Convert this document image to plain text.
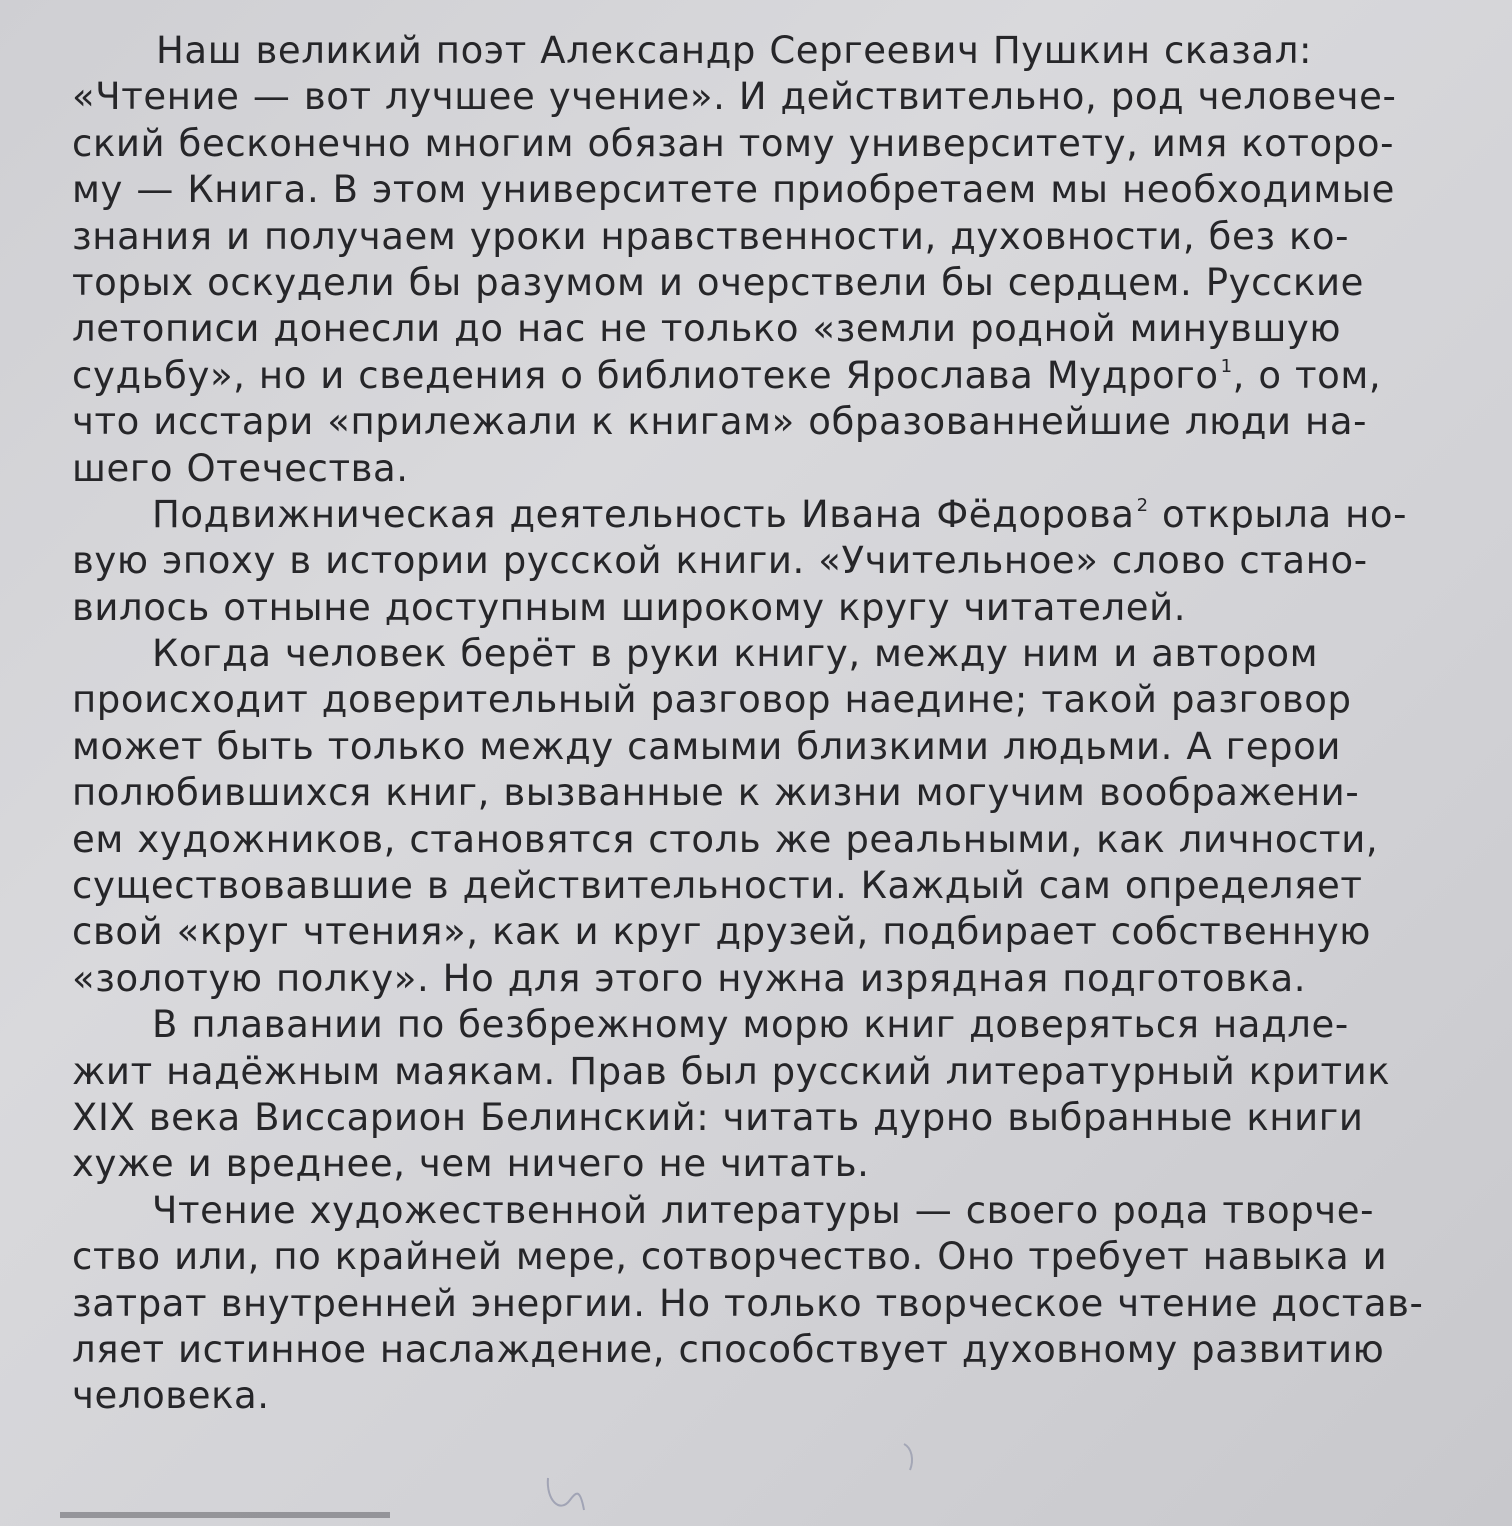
Наш великий поэт Александр Сергеевич Пушкин сказал:
«Чтение — вот лучшее учение». И действительно, род человече-
ский бесконечно многим обязан тому университету, имя которо-
му — Книга. В этом университете приобретаем мы необходимые
знания и получаем уроки нравственности, духовности, без ко-
торых оскудели бы разумом и очерствели бы сердцем. Русские
летописи донесли до нас не только «земли родной минувшую
судьбу», но и сведения о библиотеке Ярослава Мудрого $^1$, о том,
что исстари «прилежали к книгам» образованнейшие люди на-
шего Отечества.

Подвижническая деятельность Ивана Фёдорова $^2$ открыла но-
вую эпоху в истории русской книги. «Учительное» слово стано-
вилось отныне доступным широкому кругу читателей.

Когда человек берёт в руки книгу, между ним и автором
происходит доверительный разговор наедине; такой разговор
может быть только между самыми близкими людьми. А герои
полюбившихся книг, вызванные к жизни могучим воображени-
ем художников, становятся столь же реальными, как личности,
существовавшие в действительности. Каждый сам определяет
свой «круг чтения», как и круг друзей, подбирает собственную
«золотую полку». Но для этого нужна изрядная подготовка.

В плавании по безбрежному морю книг доверяться надле-
жит надёжным маякам. Прав был русский литературный критик
XIX века Виссарион Белинский: читать дурно выбранные книги
хуже и вреднее, чем ничего не читать.

Чтение художественной литературы — своего рода творче-
ство или, по крайней мере, сотворчество. Оно требует навыка и
затрат внутренней энергии. Но только творческое чтение достав-
ляет истинное наслаждение, способствует духовному развитию
человека.
